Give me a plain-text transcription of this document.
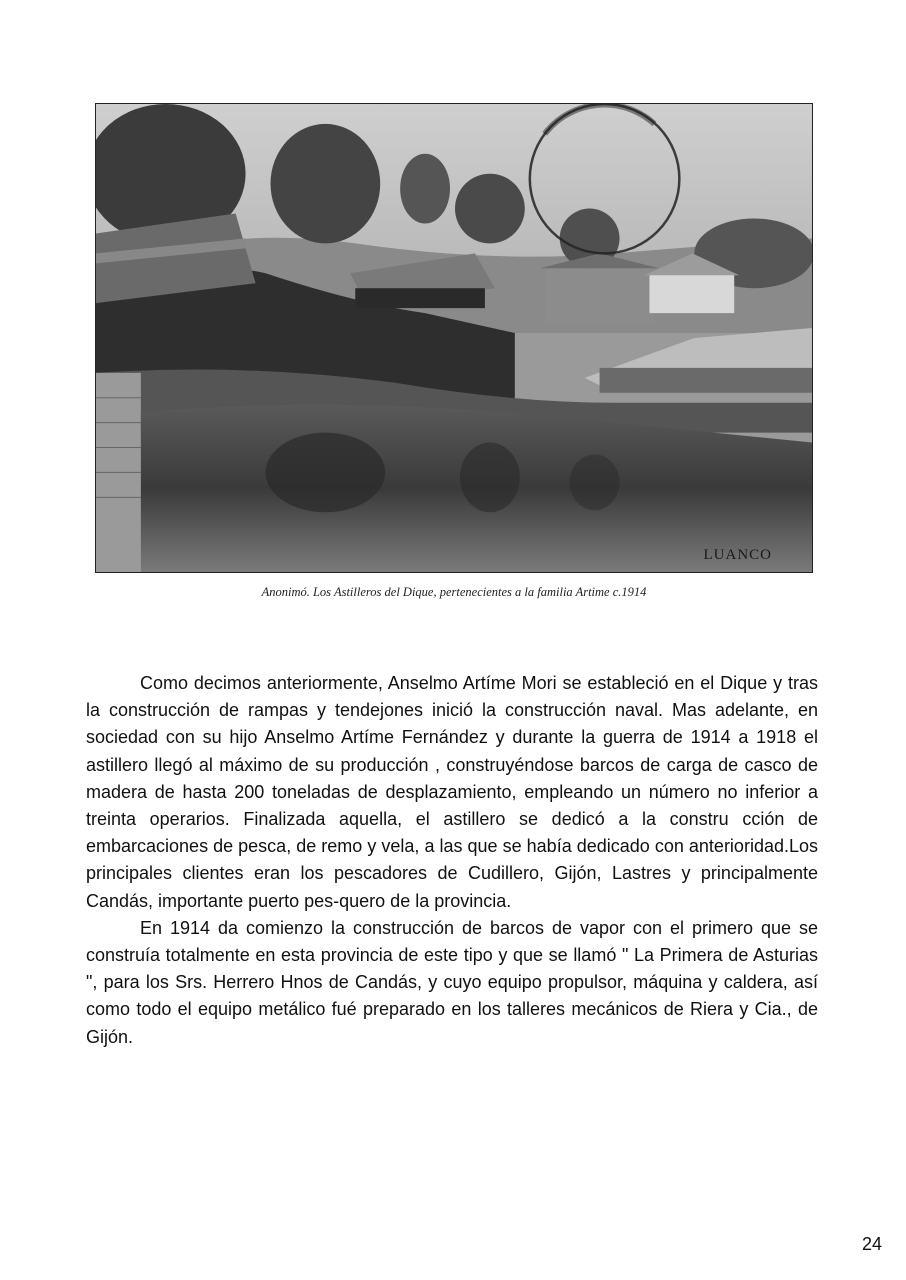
LUANCO
Anonimó. Los Astilleros del Dique, pertenecientes a la familia Artime c.1914

Como decimos anteriormente, Anselmo Artíme Mori se estableció en el Dique y tras la construcción de rampas y tendejones inició la construcción naval. Mas adelante, en sociedad con su hijo Anselmo Artíme Fernández y durante la guerra de 1914 a 1918 el astillero llegó al máximo de su producción , construyéndose barcos de carga de casco de madera de hasta 200 toneladas de desplazamiento, empleando un número no inferior a treinta operarios. Finalizada aquella, el astillero se dedicó a la constru cción de embarcaciones de pesca, de remo y vela, a las que se había dedicado con anterioridad.Los principales clientes eran los pescadores de Cudillero, Gijón, Lastres y principalmente Candás, importante puerto pes-quero de la provincia.

En 1914 da comienzo la construcción de barcos de vapor con el primero que se construía totalmente en esta provincia de este tipo y que se llamó " La Primera de Asturias ", para los Srs. Herrero Hnos de Candás, y cuyo equipo propulsor, máquina y caldera, así como todo el equipo metálico fué preparado en los talleres mecánicos de Riera y Cia., de Gijón.

24
